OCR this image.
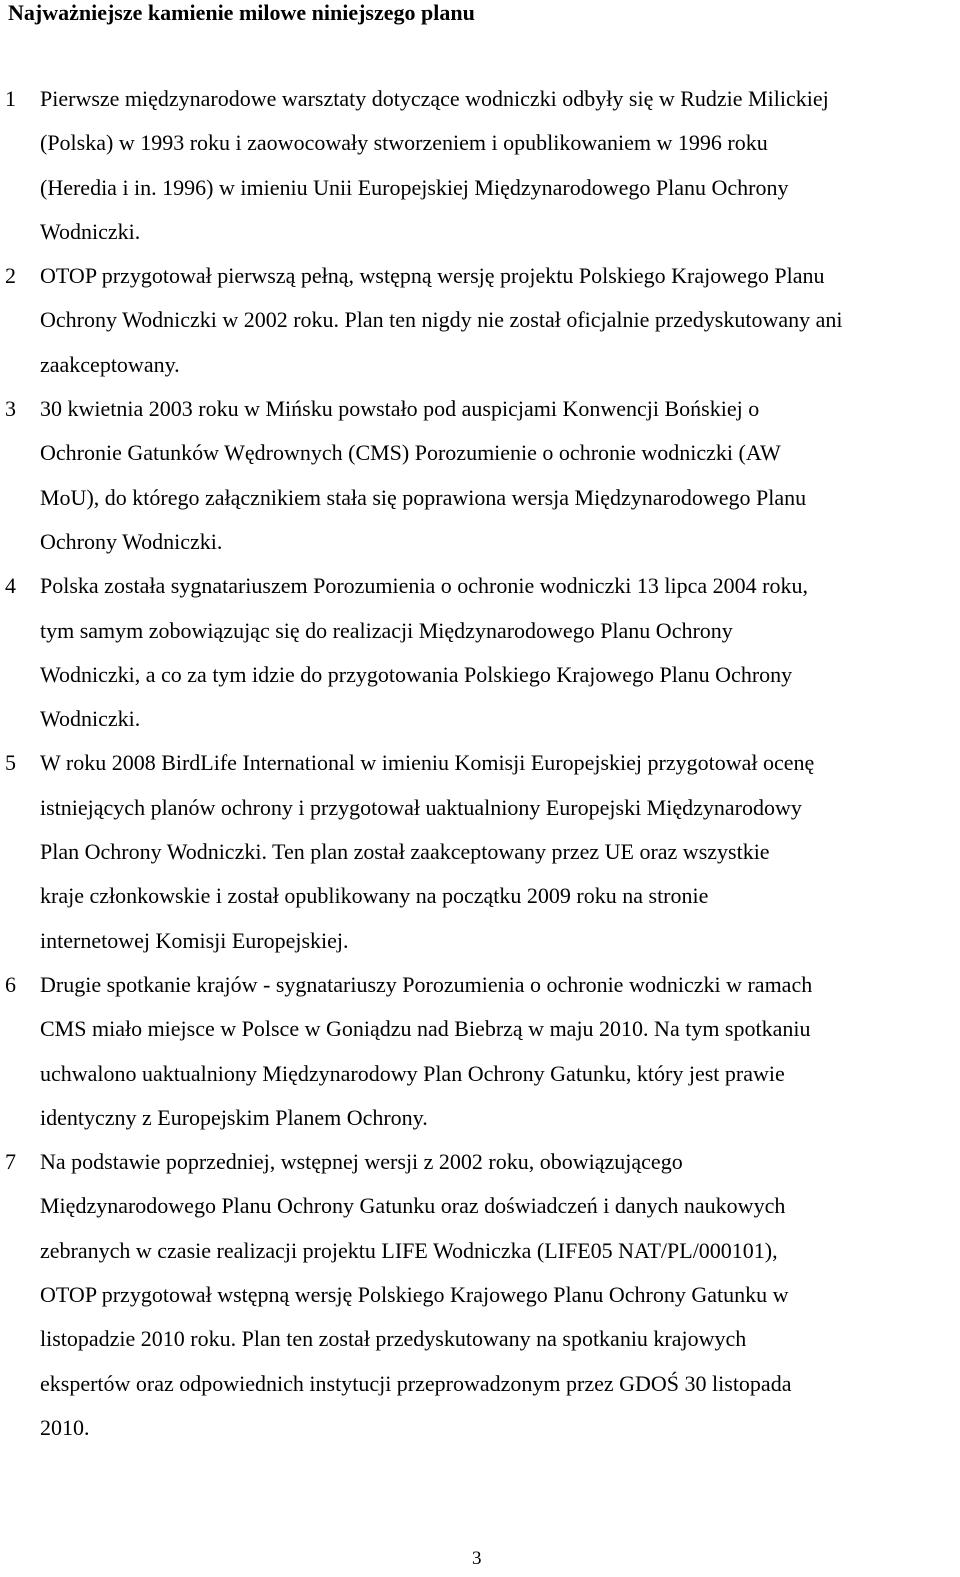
Najważniejsze kamienie milowe niniejszego planu
1 Pierwsze międzynarodowe warsztaty dotyczące wodniczki odbyły się w Rudzie Milickiej
(Polska) w 1993 roku i zaowocowały stworzeniem i opublikowaniem w 1996 roku
(Heredia i in. 1996) w imieniu Unii Europejskiej Międzynarodowego Planu Ochrony
Wodniczki.
2 OTOP przygotował pierwszą pełną, wstępną wersję projektu Polskiego Krajowego Planu
Ochrony Wodniczki w 2002 roku. Plan ten nigdy nie został oficjalnie przedyskutowany ani
zaakceptowany.
3 30 kwietnia 2003 roku w Mińsku powstało pod auspicjami Konwencji Bońskiej o
Ochronie Gatunków Wędrownych (CMS) Porozumienie o ochronie wodniczki (AW
MoU), do którego załącznikiem stała się poprawiona wersja Międzynarodowego Planu
Ochrony Wodniczki.
4 Polska została sygnatariuszem Porozumienia o ochronie wodniczki 13 lipca 2004 roku,
tym samym zobowiązując się do realizacji Międzynarodowego Planu Ochrony
Wodniczki, a co za tym idzie do przygotowania Polskiego Krajowego Planu Ochrony
Wodniczki.
5 W roku 2008 BirdLife International w imieniu Komisji Europejskiej przygotował ocenę
istniejących planów ochrony i przygotował uaktualniony Europejski Międzynarodowy
Plan Ochrony Wodniczki. Ten plan został zaakceptowany przez UE oraz wszystkie
kraje członkowskie i został opublikowany na początku 2009 roku na stronie
internetowej Komisji Europejskiej.
6 Drugie spotkanie krajów - sygnatariuszy Porozumienia o ochronie wodniczki w ramach
CMS miało miejsce w Polsce w Goniądzu nad Biebrzą w maju 2010. Na tym spotkaniu
uchwalono uaktualniony Międzynarodowy Plan Ochrony Gatunku, który jest prawie
identyczny z Europejskim Planem Ochrony.
7 Na podstawie poprzedniej, wstępnej wersji z 2002 roku, obowiązującego
Międzynarodowego Planu Ochrony Gatunku oraz doświadczeń i danych naukowych
zebranych w czasie realizacji projektu LIFE Wodniczka (LIFE05 NAT/PL/000101),
OTOP przygotował wstępną wersję Polskiego Krajowego Planu Ochrony Gatunku w
listopadzie 2010 roku. Plan ten został przedyskutowany na spotkaniu krajowych
ekspertów oraz odpowiednich instytucji przeprowadzonym przez GDOŚ 30 listopada
2010.
3
